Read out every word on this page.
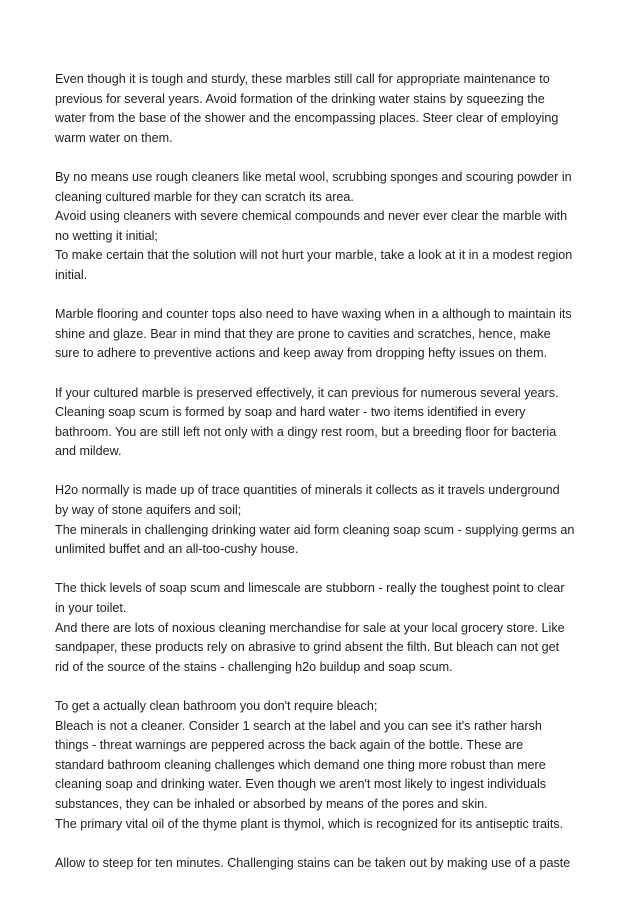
Even though it is tough and sturdy, these marbles still call for appropriate maintenance to
previous for several years. Avoid formation of the drinking water stains by squeezing the
water from the base of the shower and the encompassing places. Steer clear of employing
warm water on them.
By no means use rough cleaners like metal wool, scrubbing sponges and scouring powder in
cleaning cultured marble for they can scratch its area.
Avoid using cleaners with severe chemical compounds and never ever clear the marble with
no wetting it initial;
To make certain that the solution will not hurt your marble, take a look at it in a modest region
initial.
Marble flooring and counter tops also need to have waxing when in a although to maintain its
shine and glaze. Bear in mind that they are prone to cavities and scratches, hence, make
sure to adhere to preventive actions and keep away from dropping hefty issues on them.
If your cultured marble is preserved effectively, it can previous for numerous several years.
Cleaning soap scum is formed by soap and hard water - two items identified in every
bathroom. You are still left not only with a dingy rest room, but a breeding floor for bacteria
and mildew.
H2o normally is made up of trace quantities of minerals it collects as it travels underground
by way of stone aquifers and soil;
The minerals in challenging drinking water aid form cleaning soap scum - supplying germs an
unlimited buffet and an all-too-cushy house.
The thick levels of soap scum and limescale are stubborn - really the toughest point to clear
in your toilet.
And there are lots of noxious cleaning merchandise for sale at your local grocery store. Like
sandpaper, these products rely on abrasive to grind absent the filth. But bleach can not get
rid of the source of the stains - challenging h2o buildup and soap scum.
To get a actually clean bathroom you don't require bleach;
Bleach is not a cleaner. Consider 1 search at the label and you can see it's rather harsh
things - threat warnings are peppered across the back again of the bottle. These are
standard bathroom cleaning challenges which demand one thing more robust than mere
cleaning soap and drinking water. Even though we aren't most likely to ingest individuals
substances, they can be inhaled or absorbed by means of the pores and skin.
The primary vital oil of the thyme plant is thymol, which is recognized for its antiseptic traits.
Allow to steep for ten minutes. Challenging stains can be taken out by making use of a paste
